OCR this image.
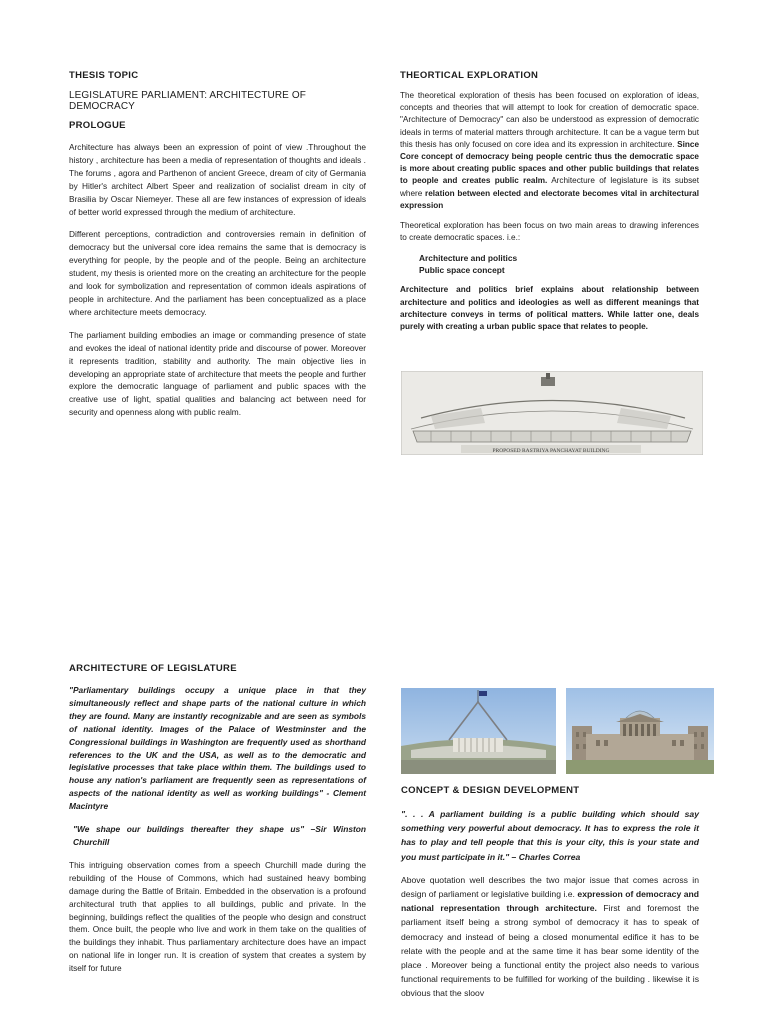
THESIS TOPIC

LEGISLATURE PARLIAMENT: ARCHITECTURE OF DEMOCRACY

PROLOGUE

Architecture has always been an expression of point of view .Throughout the history , architecture has been a media of representation of thoughts and ideals . The forums , agora and Parthenon of ancient Greece, dream of city of Germania by Hitler's architect Albert Speer and realization of socialist dream in city of Brasilia by Oscar Niemeyer. These all are few instances of expression of ideals of better world expressed through the medium of architecture.

Different perceptions, contradiction and controversies remain in definition of democracy but the universal core idea remains the same that is democracy is everything for people, by the people and of the people. Being an architecture student, my thesis is oriented more on the creating an architecture for the people and look for symbolization and representation of common ideals aspirations of people in architecture. And the parliament has been conceptualized as a place where architecture meets democracy.

The parliament building embodies an image or commanding presence of state and evokes the ideal of national identity pride and discourse of power. Moreover it represents tradition, stability and authority. The main objective lies in developing an appropriate state of architecture that meets the people and further explore the democratic language of parliament and public spaces with the creative use of light, spatial qualities and balancing act between need for security and openness along with public realm.

THEORTICAL EXPLORATION

The theoretical exploration of thesis has been focused on exploration of ideas, concepts and theories that will attempt to look for creation of democratic space. "Architecture of Democracy" can also be understood as expression of democratic ideals in terms of material matters through architecture. It can be a vague term but this thesis has only focused on core idea and its expression in architecture. Since Core concept of democracy being people centric thus the democratic space is more about creating public spaces and other public buildings that relates to people and creates public realm. Architecture of legislature is its subset where relation between elected and electorate becomes vital in architectural expression

Theoretical exploration has been focus on two main areas to drawing inferences to create democratic spaces. i.e.:

Architecture and politics

Public space concept

Architecture and politics brief explains about relationship between architecture and politics and ideologies as well as different meanings that architecture conveys in terms of political matters. While latter one, deals purely with creating a urban public space that relates to people.

PROPOSED RASTRIYA PANCHAYAT BUILDING

ARCHITECTURE OF LEGISLATURE

"Parliamentary buildings occupy a unique place in that they simultaneously reflect and shape parts of the national culture in which they are found. Many are instantly recognizable and are seen as symbols of national identity. Images of the Palace of Westminster and the Congressional buildings in Washington are frequently used as shorthand references to the UK and the USA, as well as to the democratic and legislative processes that take place within them. The buildings used to house any nation's parliament are frequently seen as representations of aspects of the national identity as well as working buildings" - Clement Macintyre

"We shape our buildings thereafter they shape us" –Sir Winston Churchill

This intriguing observation comes from a speech Churchill made during the rebuilding of the House of Commons, which had sustained heavy bombing damage during the Battle of Britain. Embedded in the observation is a profound architectural truth that applies to all buildings, public and private. In the beginning, buildings reflect the qualities of the people who design and construct them. Once built, the people who live and work in them take on the qualities of the buildings they inhabit. Thus parliamentary architecture does have an impact on national life in longer run. It is creation of system that creates a system by itself for future

CONCEPT & DESIGN DEVELOPMENT

". . . A parliament building is a public building which should say something very powerful about democracy. It has to express the role it has to play and tell people that this is your city, this is your state and you must participate in it." – Charles Correa

Above quotation well describes the two major issue that comes across in design of parliament or legislative building i.e. expression of democracy and national representation through architecture. First and foremost the parliament itself being a strong symbol of democracy it has to speak of democracy and instead of being a closed monumental edifice it has to be relate with the people and at the same time it has bear some identity of the place . Moreover being a functional entity the project also needs to various functional requirements to be fulfilled for working of the building . likewise it is obvious that the sloov
